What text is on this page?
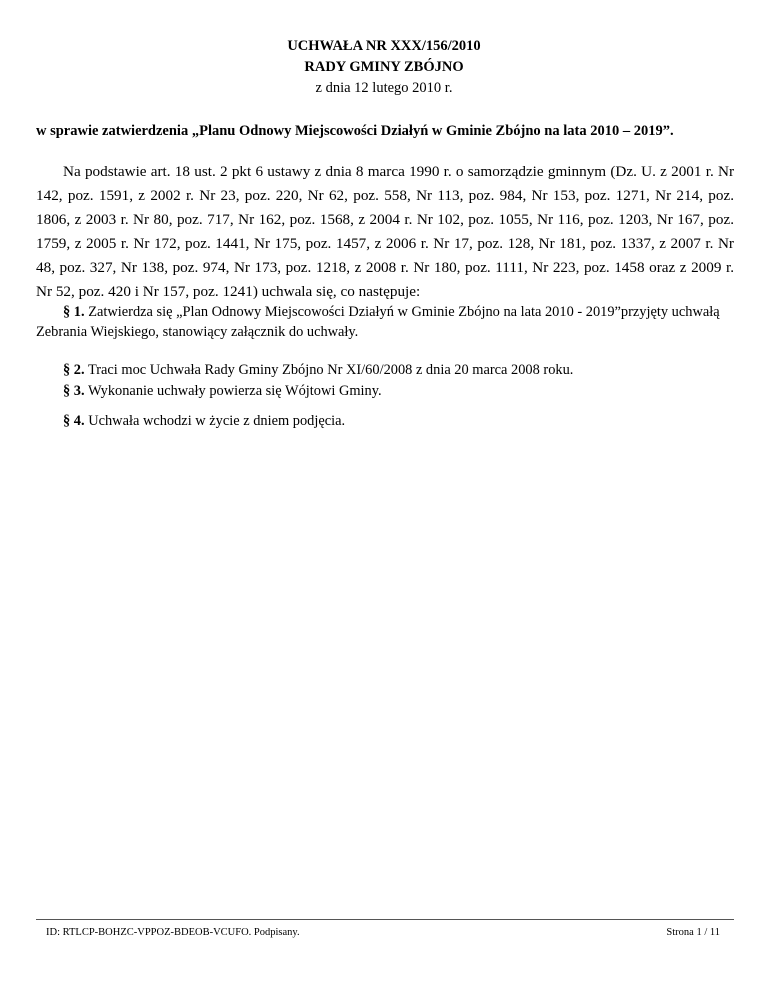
UCHWAŁA NR XXX/156/2010
RADY GMINY ZBÓJNO
z dnia 12 lutego 2010 r.
w sprawie zatwierdzenia „Planu Odnowy Miejscowości Działyń w Gminie Zbójno na lata 2010 – 2019”.
Na podstawie art. 18 ust. 2 pkt 6 ustawy z dnia 8 marca 1990 r. o samorządzie gminnym (Dz. U. z 2001 r. Nr 142, poz. 1591, z 2002 r. Nr 23, poz. 220, Nr 62, poz. 558, Nr 113, poz. 984, Nr 153, poz. 1271, Nr 214, poz. 1806, z 2003 r. Nr 80, poz. 717, Nr 162, poz. 1568, z 2004 r. Nr 102, poz. 1055, Nr 116, poz. 1203, Nr 167, poz. 1759, z 2005 r. Nr 172, poz. 1441, Nr 175, poz. 1457, z 2006 r. Nr 17, poz. 128, Nr 181, poz. 1337, z 2007 r. Nr 48, poz. 327, Nr 138, poz. 974, Nr 173, poz. 1218, z 2008 r. Nr 180, poz. 1111, Nr 223, poz. 1458 oraz z 2009 r. Nr 52, poz. 420 i Nr 157, poz. 1241) uchwala się, co następuje:
§ 1. Zatwierdza się „Plan Odnowy Miejscowości Działyń w Gminie Zbójno na lata 2010 - 2019”przyjęty uchwałą Zebrania Wiejskiego, stanowiący załącznik do uchwały.
§ 2. Traci moc Uchwała Rady Gminy Zbójno Nr XI/60/2008 z dnia 20 marca 2008 roku.
§ 3. Wykonanie uchwały powierza się Wójtowi Gminy.
§ 4. Uchwała wchodzi w życie z dniem podjęcia.
ID: RTLCP-BOHZC-VPPOZ-BDEOB-VCUFO. Podpisany.	Strona 1 / 11
